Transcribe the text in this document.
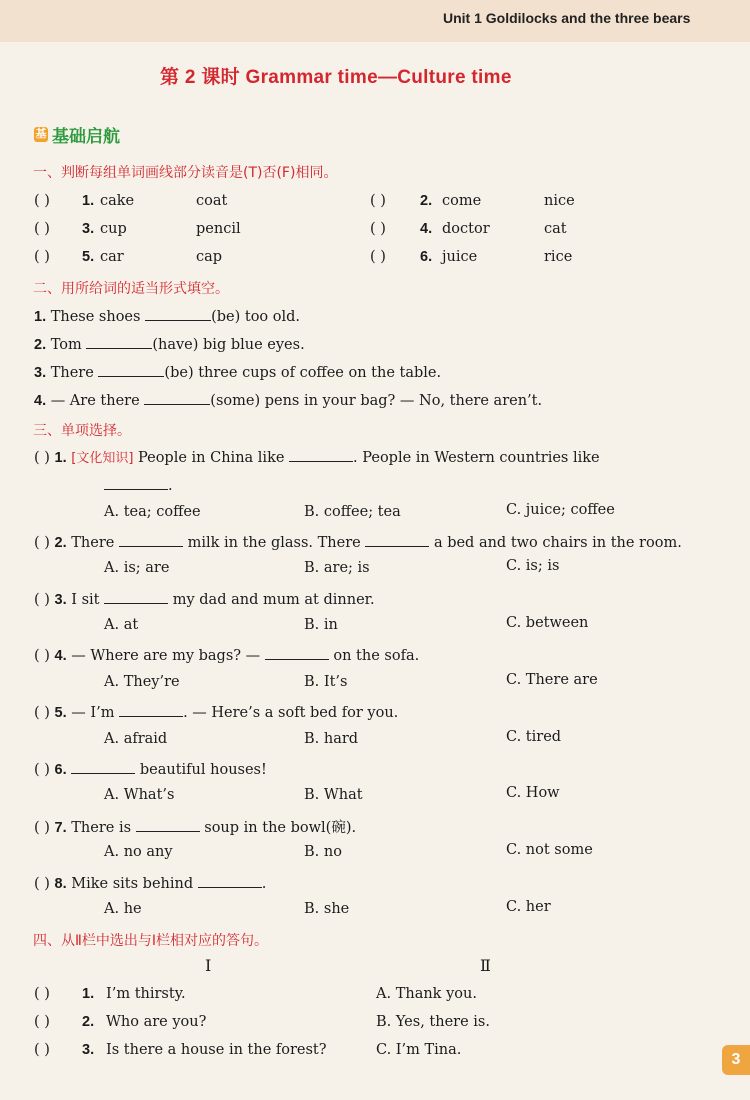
Unit 1 Goldilocks and the three bears
第 2 课时 Grammar time—Culture time
基 基础启航
一、判断每组单词画线部分读音是(T)否(F)相同。
( ) 1. cake	coat	( ) 2. come	nice
( ) 3. cup	pencil	( ) 4. doctor	cat
( ) 5. car	cap	( ) 6. juice	rice
二、用所给词的适当形式填空。
1. These shoes	(be) too old.
2. Tom	(have) big blue eyes.
3. There	(be) three cups of coffee on the table.
4. — Are there	(some) pens in your bag? — No, there aren’t.
三、单项选择。
( ) 1. [文化知识] People in China like	. People in Western countries like
.
A. tea; coffee	B. coffee; tea	C. juice; coffee
( ) 2. There	milk in the glass. There	a bed and two chairs in the room.
A. is; are	B. are; is	C. is; is
( ) 3. I sit	my dad and mum at dinner.
A. at	B. in	C. between
( ) 4. — Where are my bags? —	on the sofa.
A. They’re	B. It’s	C. There are
( ) 5. — I’m	. — Here’s a soft bed for you.
A. afraid	B. hard	C. tired
( ) 6.	beautiful houses!
A. What’s	B. What	C. How
( ) 7. There is	soup in the bowl(碗).
A. no any	B. no	C. not some
( ) 8. Mike sits behind	.
A. he	B. she	C. her
四、从Ⅱ栏中选出与Ⅰ栏相对应的答句。
Ⅰ	Ⅱ
( ) 1. I’m thirsty.	A. Thank you.
( ) 2. Who are you?	B. Yes, there is.
( ) 3. Is there a house in the forest?	C. I’m Tina.
3
